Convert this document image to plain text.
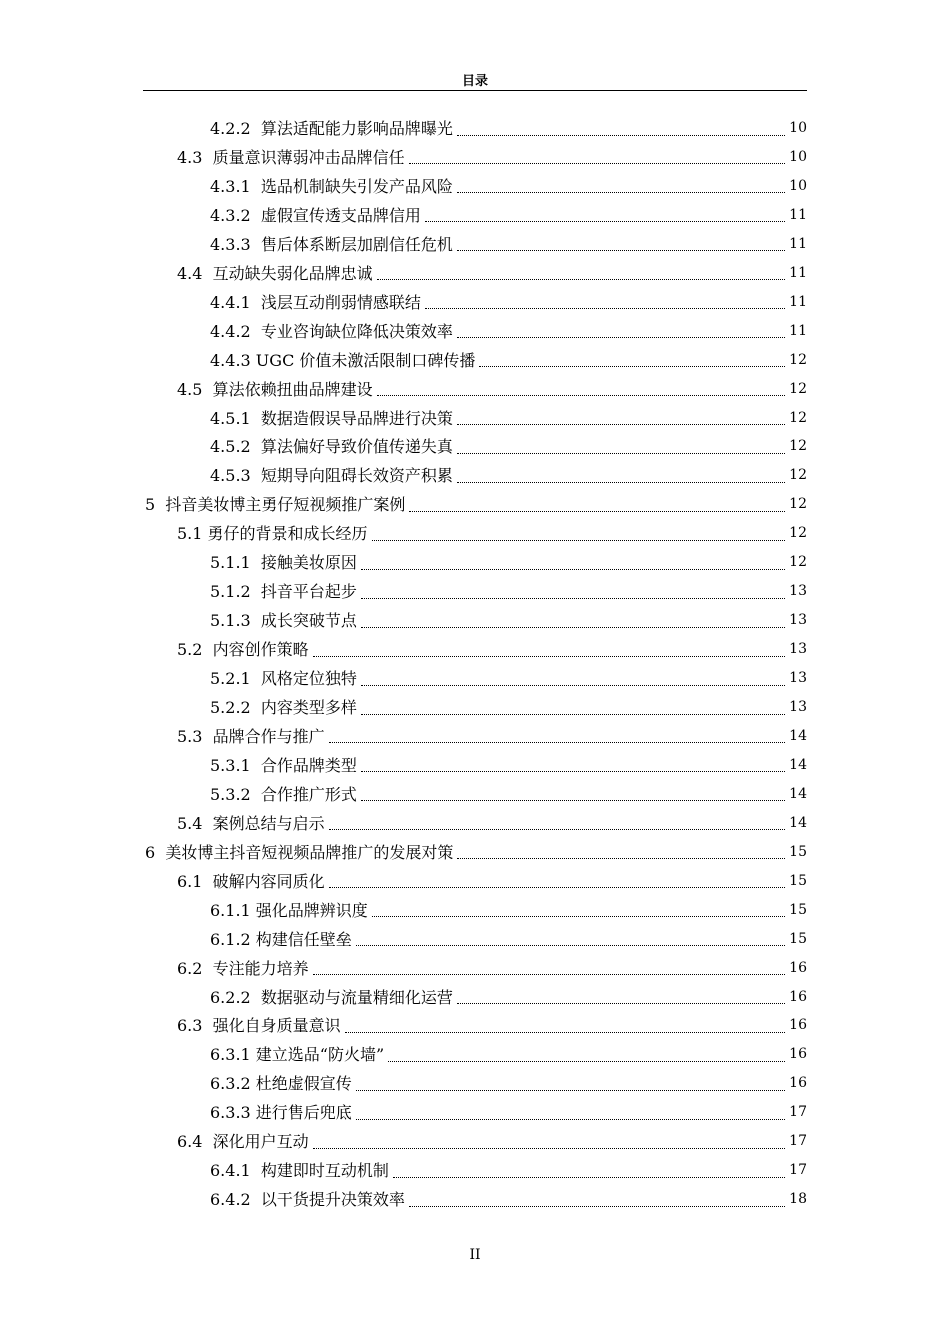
目录
4.2.2  算法适配能力影响品牌曝光	10
4.3  质量意识薄弱冲击品牌信任	10
4.3.1  选品机制缺失引发产品风险	10
4.3.2  虚假宣传透支品牌信用	11
4.3.3  售后体系断层加剧信任危机	11
4.4  互动缺失弱化品牌忠诚	11
4.4.1  浅层互动削弱情感联结	11
4.4.2  专业咨询缺位降低决策效率	11
4.4.3 UGC 价值未激活限制口碑传播	12
4.5  算法依赖扭曲品牌建设	12
4.5.1  数据造假误导品牌进行决策	12
4.5.2  算法偏好导致价值传递失真	12
4.5.3  短期导向阻碍长效资产积累	12
5  抖音美妆博主勇仔短视频推广案例	12
5.1 勇仔的背景和成长经历	12
5.1.1  接触美妆原因	12
5.1.2  抖音平台起步	13
5.1.3  成长突破节点	13
5.2  内容创作策略	13
5.2.1  风格定位独特	13
5.2.2  内容类型多样	13
5.3  品牌合作与推广	14
5.3.1  合作品牌类型	14
5.3.2  合作推广形式	14
5.4  案例总结与启示	14
6  美妆博主抖音短视频品牌推广的发展对策	15
6.1  破解内容同质化	15
6.1.1 强化品牌辨识度	15
6.1.2 构建信任壁垒	15
6.2  专注能力培养	16
6.2.2  数据驱动与流量精细化运营	16
6.3  强化自身质量意识	16
6.3.1 建立选品“防火墙”	16
6.3.2 杜绝虚假宣传	16
6.3.3 进行售后兜底	17
6.4  深化用户互动	17
6.4.1  构建即时互动机制	17
6.4.2  以干货提升决策效率	18
II
